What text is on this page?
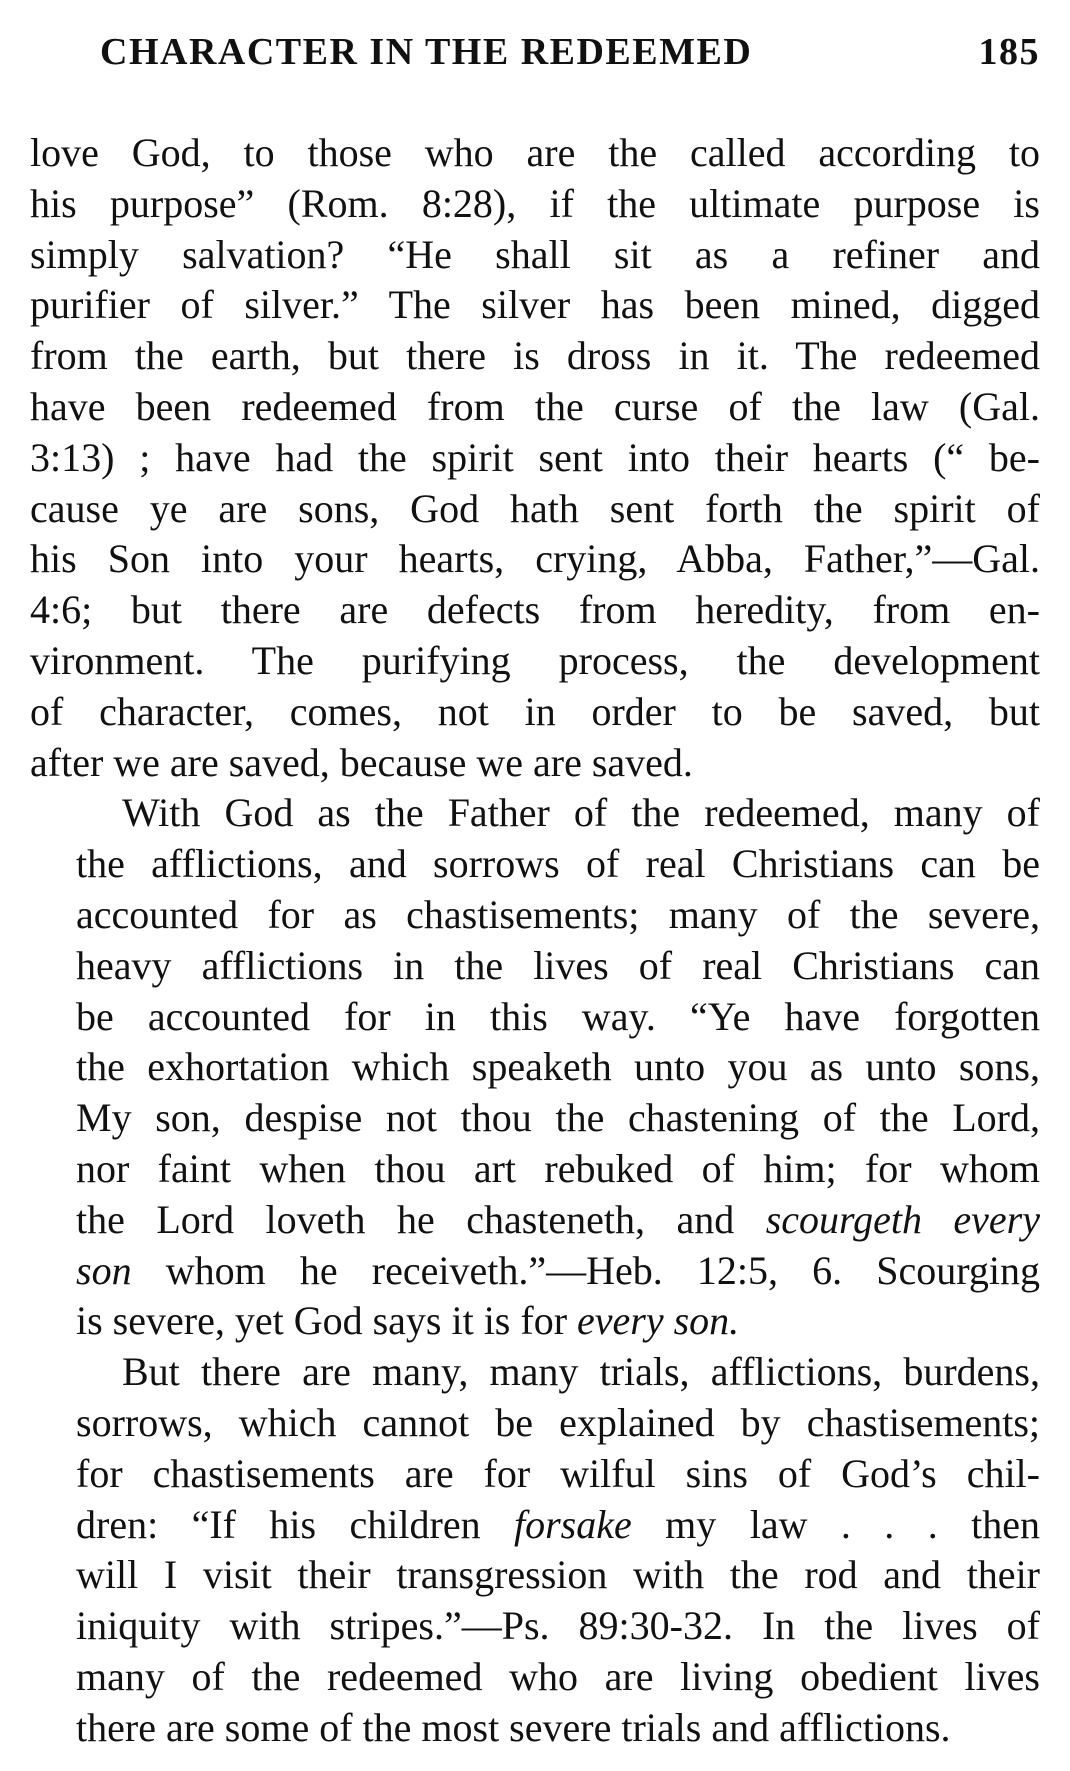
CHARACTER IN THE REDEEMED	185

love God, to those who are the called according to
his purpose” (Rom. 8:28), if the ultimate purpose is
simply salvation? “He shall sit as a refiner and
purifier of silver.” The silver has been mined, digged
from the earth, but there is dross in it. The redeemed
have been redeemed from the curse of the law (Gal.
3:13) ; have had the spirit sent into their hearts (“ be-
cause ye are sons, God hath sent forth the spirit of
his Son into your hearts, crying, Abba, Father,”—Gal.
4:6; but there are defects from heredity, from en-
vironment. The purifying process, the development
of character, comes, not in order to be saved, but
after we are saved, because we are saved.

With God as the Father of the redeemed, many of
the afflictions, and sorrows of real Christians can be
accounted for as chastisements; many of the severe,
heavy afflictions in the lives of real Christians can
be accounted for in this way. “Ye have forgotten
the exhortation which speaketh unto you as unto sons,
My son, despise not thou the chastening of the Lord,
nor faint when thou art rebuked of him; for whom
the Lord loveth he chasteneth, and scourgeth every
son whom he receiveth.”—Heb. 12:5, 6. Scourging
is severe, yet God says it is for every son.

But there are many, many trials, afflictions, burdens,
sorrows, which cannot be explained by chastisements;
for chastisements are for wilful sins of God’s chil-
dren: “If his children forsake my law . . . then
will I visit their transgression with the rod and their
iniquity with stripes.”—Ps. 89:30-32. In the lives of
many of the redeemed who are living obedient lives
there are some of the most severe trials and afflictions.
